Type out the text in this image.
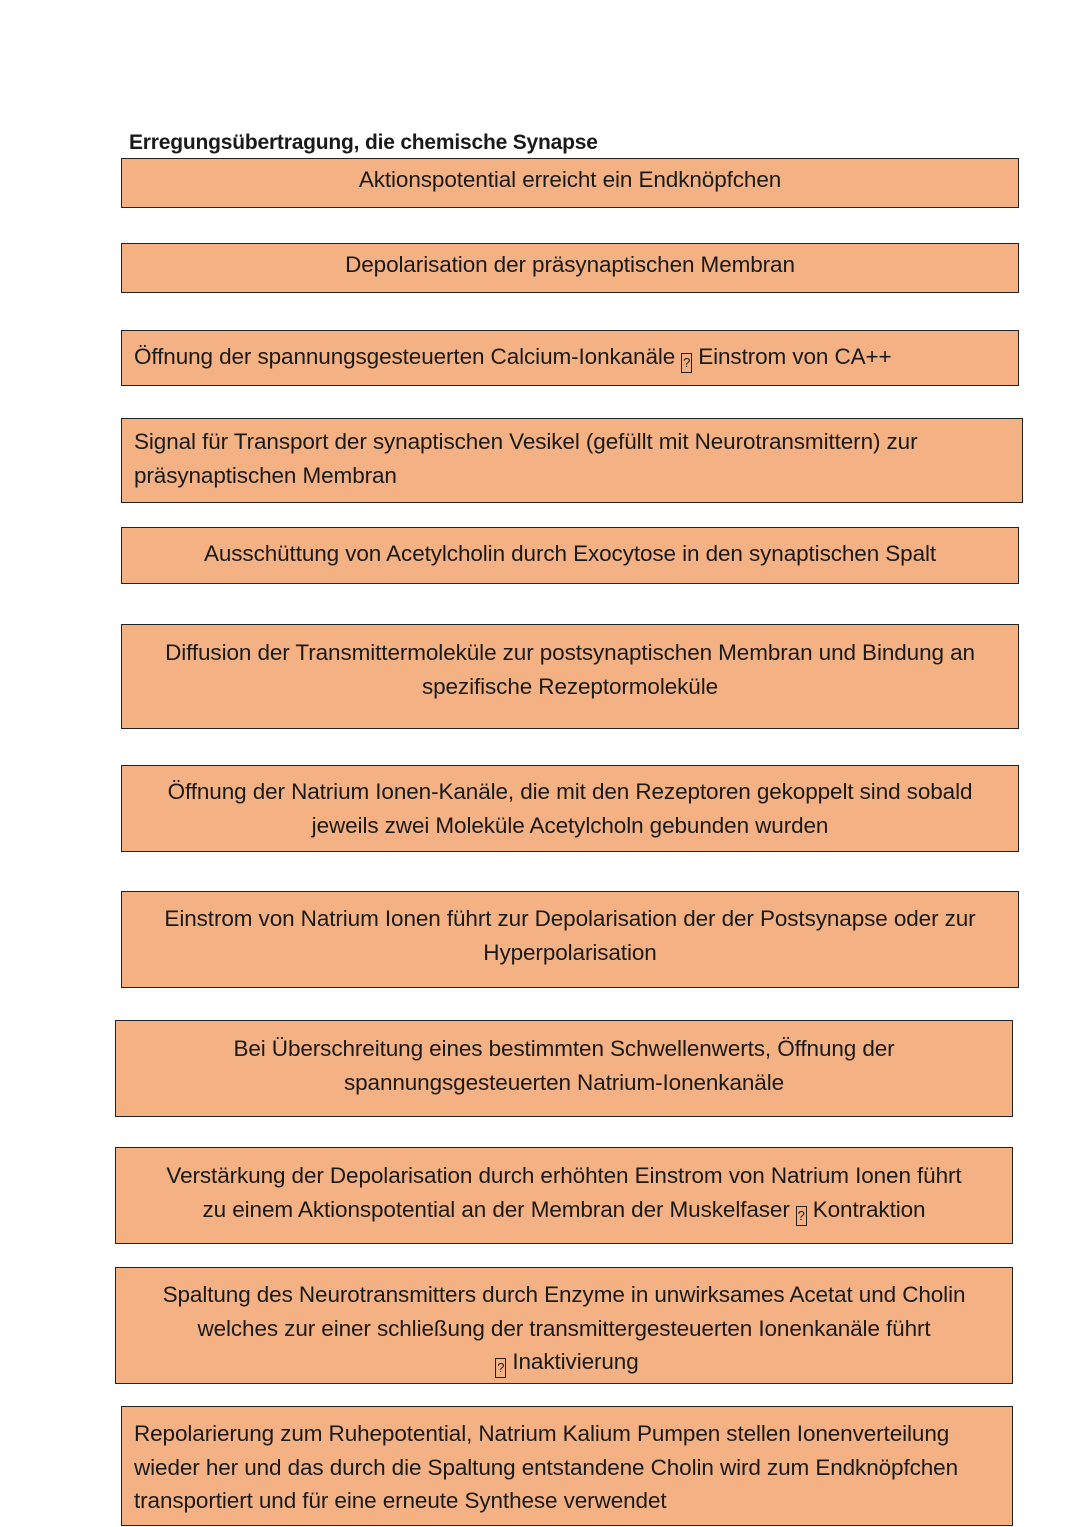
Erregungsübertragung, die chemische Synapse
Aktionspotential erreicht ein Endknöpfchen
Depolarisation der präsynaptischen Membran
Öffnung der spannungsgesteuerten Calcium-Ionkanäle ? Einstrom von CA++
Signal für Transport der synaptischen Vesikel (gefüllt mit Neurotransmittern) zur
präsynaptischen Membran
Ausschüttung von Acetylcholin durch Exocytose in den synaptischen Spalt
Diffusion der Transmittermoleküle zur postsynaptischen Membran und Bindung an
spezifische Rezeptormoleküle
Öffnung der Natrium Ionen-Kanäle, die mit den Rezeptoren gekoppelt sind sobald
jeweils zwei Moleküle Acetylcholn gebunden wurden
Einstrom von Natrium Ionen führt zur Depolarisation der der Postsynapse oder zur
Hyperpolarisation
Bei Überschreitung eines bestimmten Schwellenwerts, Öffnung der
spannungsgesteuerten Natrium-Ionenkanäle
Verstärkung der Depolarisation durch erhöhten Einstrom von Natrium Ionen führt
zu einem Aktionspotential an der Membran der Muskelfaser ? Kontraktion
Spaltung des Neurotransmitters durch Enzyme in unwirksames Acetat und Cholin
welches zur einer schließung der transmittergesteuerten Ionenkanäle führt
? Inaktivierung
Repolarierung zum Ruhepotential, Natrium Kalium Pumpen stellen Ionenverteilung
wieder her und das durch die Spaltung entstandene Cholin wird zum Endknöpfchen
transportiert und für eine erneute Synthese verwendet
